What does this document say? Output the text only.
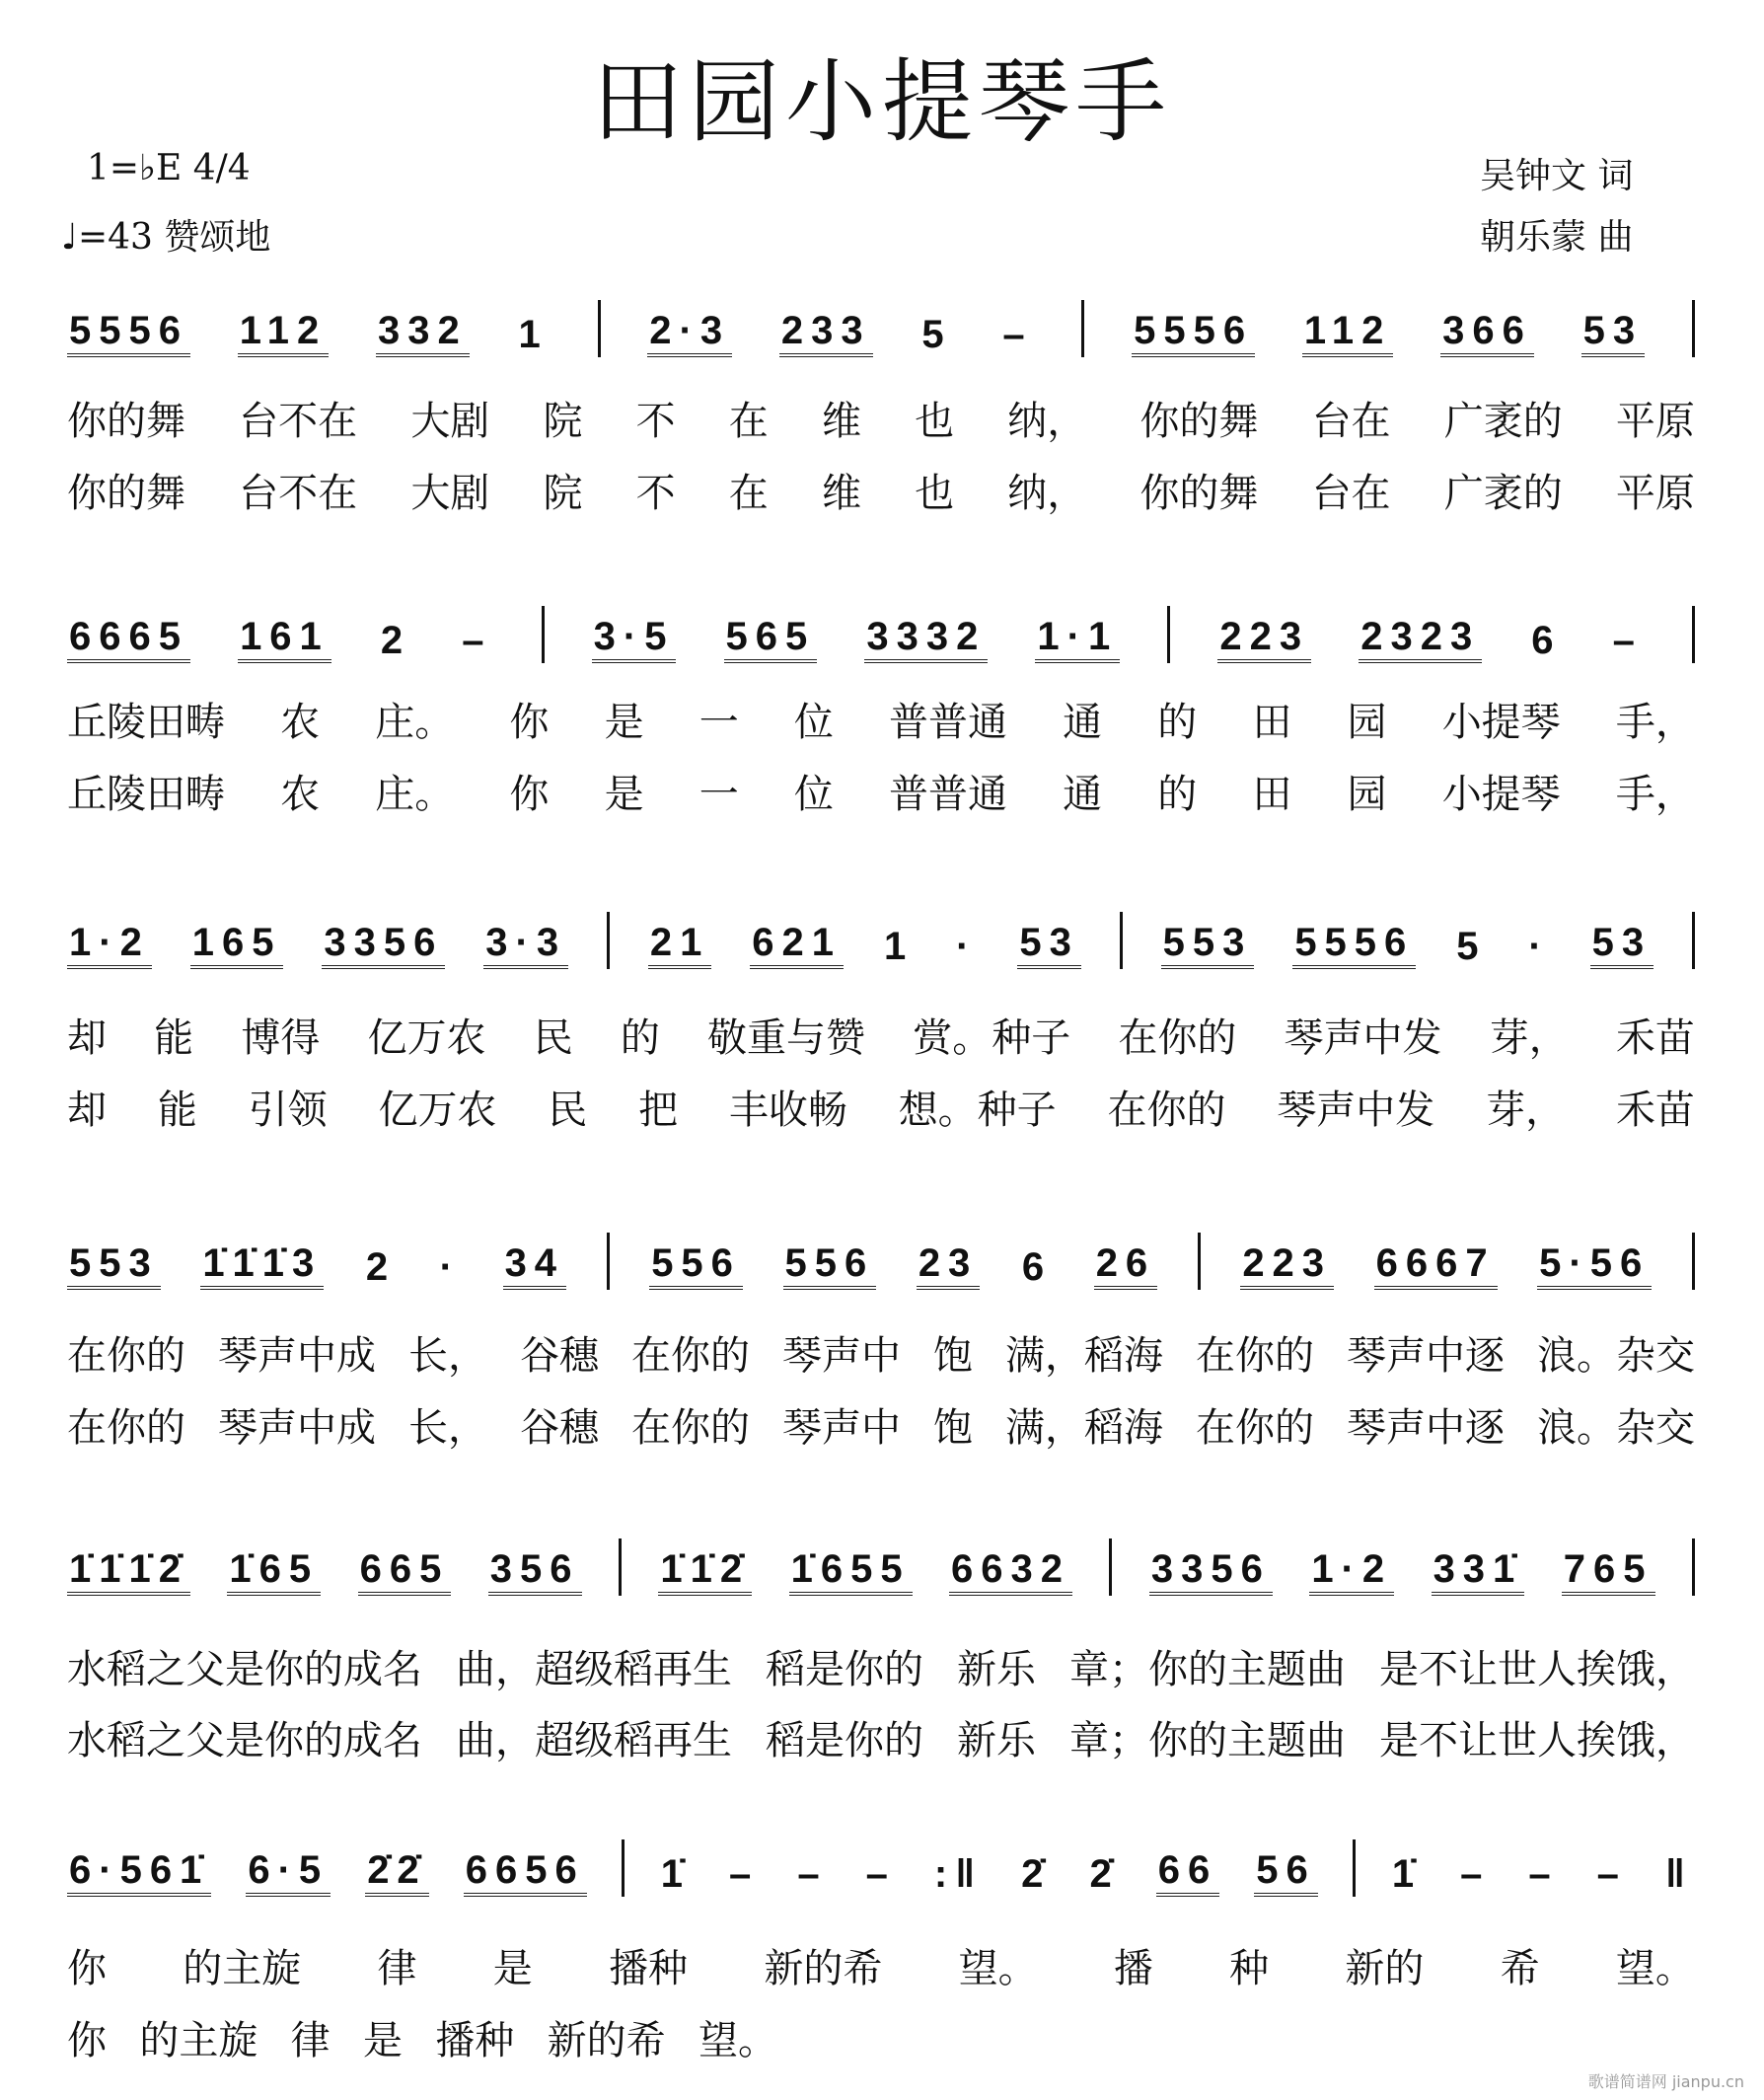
田园小提琴手
1=♭E 4/4
♩=43 赞颂地
吴钟文 词
朝乐蒙 曲
5556 112 332 1	2·3 233 5 –	5556 112 366 53
你的舞 台不在 大剧 院 不 在 维 也 纳， 你的舞 台在 广袤的 平原
你的舞 台不在 大剧 院 不 在 维 也 纳， 你的舞 台在 广袤的 平原
6665 161 2 –	3·5 565 3332 1·1	223 2323 6 –
丘陵田畴 农 庄。 你 是 一 位 普普通 通 的 田 园 小提琴 手，
丘陵田畴 农 庄。 你 是 一 位 普普通 通 的 田 园 小提琴 手，
1·2 165 3356 3·3 21 621 1 · 53 553 5556 5 · 53
却 能 博得 亿万农 民 的 敬重与赞 赏。种子 在你的 琴声中发 芽， 禾苗
却 能 引领 亿万农 民 把 丰收畅 想。种子 在你的 琴声中发 芽， 禾苗
553 1̇1̇1̇3 2 · 34 556 556 23 6 26 223 6667 5·56
在你的 琴声中成 长， 谷穗 在你的 琴声中 饱 满，稻海 在你的 琴声中逐 浪。杂交
在你的 琴声中成 长， 谷穗 在你的 琴声中 饱 满，稻海 在你的 琴声中逐 浪。杂交
1̇1̇1̇2̇ 1̇65 665 356 1̇1̇2̇ 1̇655 6632 3356 1·2 331̇ 765
水稻之父是你的成名 曲，超级稻再生 稻是你的 新乐 章；你的主题曲 是不让世人挨饿，
水稻之父是你的成名 曲，超级稻再生 稻是你的 新乐 章；你的主题曲 是不让世人挨饿，
6·561̇ 6·5 2̇2̇ 6656 1̇ – – – :‖ 2̇ 2̇ 66 56 1̇ – – – ‖
你 的主旋 律 是 播种 新的希 望。 播 种 新的 希 望。
你 的主旋 律 是 播种 新的希 望。
歌谱简谱网 jianpu.cn
